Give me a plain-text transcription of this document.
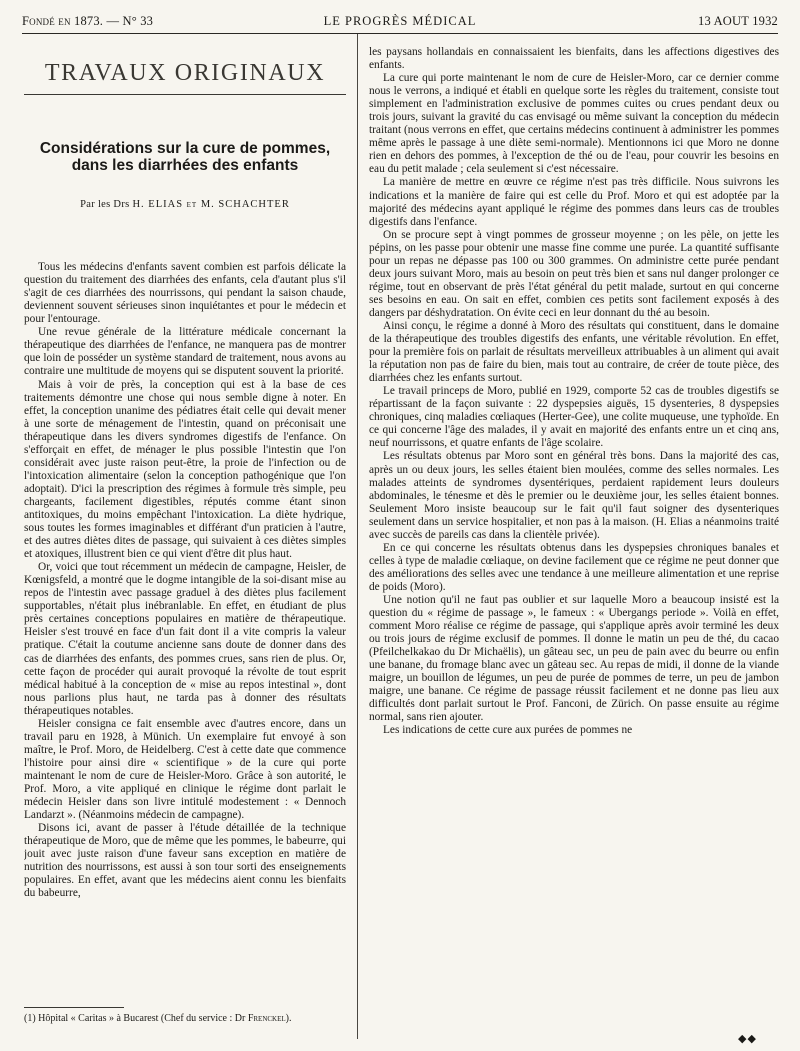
Fondé en 1873. — N° 33	LE PROGRÈS MÉDICAL	13 AOUT 1932
TRAVAUX ORIGINAUX
Considérations sur la cure de pommes,
dans les diarrhées des enfants
Par les Drs H. ELIAS et M. SCHACHTER

Tous les médecins d'enfants savent combien est parfois délicate la question du traitement des diarrhées des enfants, cela d'autant plus s'il s'agit de ces diarrhées des nourrissons, qui pendant la saison chaude, deviennent souvent sérieuses sinon inquiétantes et pour le médecin et pour l'entourage.

Une revue générale de la littérature médicale concernant la thérapeutique des diarrhées de l'enfance, ne manquera pas de montrer que loin de posséder un système standard de traitement, nous avons au contraire une multitude de moyens qui se disputent souvent la priorité.

Mais à voir de près, la conception qui est à la base de ces traitements démontre une chose qui nous semble digne à noter. En effet, la conception unanime des pédiatres était celle qui devait mener à une sorte de ménagement de l'intestin, quand on préconisait une thérapeutique dans les divers syndromes digestifs de l'enfance. On s'efforçait en effet, de ménager le plus possible l'intestin que l'on considérait avec juste raison peut-être, la proie de l'infection ou de l'intoxication alimentaire (selon la conception pathogénique que l'on adoptait). D'ici la prescription des régimes à formule très simple, peu chargeants, facilement digestibles, réputés comme étant sinon antitoxiques, du moins empêchant l'intoxication. La diète hydrique, sous toutes les formes imaginables et différant d'un praticien à l'autre, et des autres diètes dites de passage, qui suivaient à ces diètes simples et atoxiques, illustrent bien ce qui vient d'être dit plus haut.

Or, voici que tout récemment un médecin de campagne, Heisler, de Kœnigsfeld, a montré que le dogme intangible de la soi-disant mise au repos de l'intestin avec passage graduel à des diètes plus facilement supportables, n'était plus inébranlable. En effet, en étudiant de plus près certaines conceptions populaires en matière de thérapeutique. Heisler s'est trouvé en face d'un fait dont il a vite compris la valeur pratique. C'était la coutume ancienne sans doute de donner dans des cas de diarrhées des enfants, des pommes crues, sans rien de plus. Or, cette façon de procéder qui aurait provoqué la révolte de tout esprit médical habitué à la conception de « mise au repos intestinal », dont nous parlions plus haut, ne tarda pas à donner des résultats thérapeutiques notables.

Heisler consigna ce fait ensemble avec d'autres encore, dans un travail paru en 1928, à Münich. Un exemplaire fut envoyé à son maître, le Prof. Moro, de Heidelberg. C'est à cette date que commence l'histoire pour ainsi dire « scientifique » de la cure qui porte maintenant le nom de cure de Heisler-Moro. Grâce à son autorité, le Prof. Moro, a vite appliqué en clinique le régime dont parlait le médecin Heisler dans son livre intitulé modestement : « Dennoch Landarzt ». (Néanmoins médecin de campagne).

Disons ici, avant de passer à l'étude détaillée de la technique thérapeutique de Moro, que de même que les pommes, le babeurre, qui jouit avec juste raison d'une faveur sans exception en matière de nutrition des nourrissons, est aussi à son tour sorti des enseignements populaires. En effet, avant que les médecins aient connu les bienfaits du babeurre,

(1) Hôpital « Caritas » à Bucarest (Chef du service : Dr Frenckel).

les paysans hollandais en connaissaient les bienfaits, dans les affections digestives des enfants.

La cure qui porte maintenant le nom de cure de Heisler-Moro, car ce dernier comme nous le verrons, a indiqué et établi en quelque sorte les règles du traitement, consiste tout simplement en l'administration exclusive de pommes cuites ou crues pendant deux ou trois jours, suivant la gravité du cas envisagé ou même suivant la conception du médecin traitant (nous verrons en effet, que certains médecins continuent à administrer les pommes même après le passage à une diète semi-normale). Mentionnons ici que Moro ne donne rien en dehors des pommes, à l'exception de thé ou de l'eau, pour couvrir les besoins en eau du petit malade ; cela seulement si c'est nécessaire.

La manière de mettre en œuvre ce régime n'est pas très difficile. Nous suivrons les indications et la manière de faire qui est celle du Prof. Moro et qui est adoptée par la majorité des médecins ayant appliqué le régime des pommes dans leurs cas de troubles digestifs dans l'enfance.

On se procure sept à vingt pommes de grosseur moyenne ; on les pèle, on jette les pépins, on les passe pour obtenir une masse fine comme une purée. La quantité suffisante pour un repas ne dépasse pas 100 ou 300 grammes. On administre cette purée pendant deux jours suivant Moro, mais au besoin on peut très bien et sans nul danger prolonger ce régime, tout en observant de près l'état général du petit malade, surtout en qui concerne ses besoins en eau. On sait en effet, combien ces petits sont facilement exposés à des dangers par déshydratation. On évite ceci en leur donnant du thé au besoin.

Ainsi conçu, le régime a donné à Moro des résultats qui constituent, dans le domaine de la thérapeutique des troubles digestifs des enfants, une véritable révolution. En effet, pour la première fois on parlait de résultats merveilleux attribuables à un aliment qui avait la réputation non pas de faire du bien, mais tout au contraire, de créer de toute pièce, des diarrhées chez les enfants surtout.

Le travail princeps de Moro, publié en 1929, comporte 52 cas de troubles digestifs se répartissant de la façon suivante : 22 dyspepsies aiguës, 15 dysenteries, 8 dyspepsies chroniques, cinq maladies cœliaques (Herter-Gee), une colite muqueuse, une typhoïde. En ce qui concerne l'âge des malades, il y avait en majorité des enfants entre un et cinq ans, neuf nourrissons, et quatre enfants de l'âge scolaire.

Les résultats obtenus par Moro sont en général très bons. Dans la majorité des cas, après un ou deux jours, les selles étaient bien moulées, comme des selles normales. Les malades atteints de syndromes dysentériques, perdaient rapidement leurs douleurs abdominales, le ténesme et dès le premier ou le deuxième jour, les selles étaient bonnes. Seulement Moro insiste beaucoup sur le fait qu'il faut soigner des dysenteriques seulement dans un service hospitalier, et non pas à la maison. (H. Elias a néanmoins traité avec succès de pareils cas dans la clientèle privée).

En ce qui concerne les résultats obtenus dans les dyspepsies chroniques banales et celles à type de maladie cœliaque, on devine facilement que ce régime ne peut donner que des améliorations des selles avec une tendance à une meilleure alimentation et une reprise de poids (Moro).

Une notion qu'il ne faut pas oublier et sur laquelle Moro a beaucoup insisté est la question du « régime de passage », le fameux : « Ubergangs periode ». Voilà en effet, comment Moro réalise ce régime de passage, qui s'applique après avoir terminé les deux ou trois jours de régime exclusif de pommes. Il donne le matin un peu de thé, du cacao (Pfeilchelkakao du Dr Michaëlis), un gâteau sec, un peu de pain avec du beurre ou enfin une banane, du fromage blanc avec un gâteau sec. Au repas de midi, il donne de la viande maigre, un bouillon de légumes, un peu de purée de pommes de terre, un peu de jambon maigre, une banane. Ce régime de passage réussit facilement et ne donne pas lieu aux difficultés dont parlait surtout le Prof. Fanconi, de Zürich. On passe ensuite au régime normal, sans rien ajouter.

Les indications de cette cure aux purées de pommes ne

◆◆
